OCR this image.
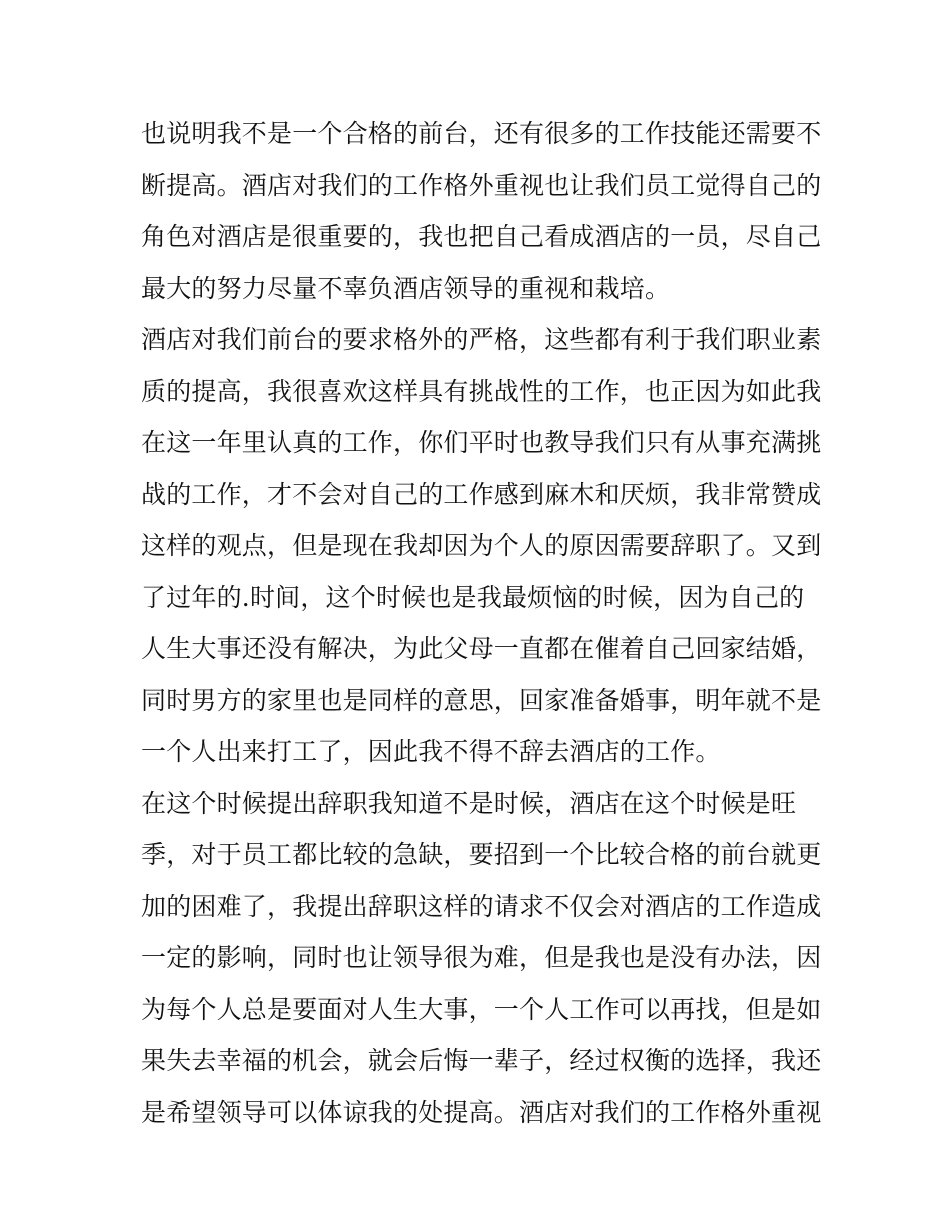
也说明我不是一个合格的前台，还有很多的工作技能还需要不
断提高。酒店对我们的工作格外重视也让我们员工觉得自己的
角色对酒店是很重要的，我也把自己看成酒店的一员，尽自己
最大的努力尽量不辜负酒店领导的重视和栽培。
酒店对我们前台的要求格外的严格，这些都有利于我们职业素
质的提高，我很喜欢这样具有挑战性的工作，也正因为如此我
在这一年里认真的工作，你们平时也教导我们只有从事充满挑
战的工作，才不会对自己的工作感到麻木和厌烦，我非常赞成
这样的观点，但是现在我却因为个人的原因需要辞职了。又到
了过年的.时间，这个时候也是我最烦恼的时候，因为自己的
人生大事还没有解决，为此父母一直都在催着自己回家结婚，
同时男方的家里也是同样的意思，回家准备婚事，明年就不是
一个人出来打工了，因此我不得不辞去酒店的工作。
在这个时候提出辞职我知道不是时候，酒店在这个时候是旺
季，对于员工都比较的急缺，要招到一个比较合格的前台就更
加的困难了，我提出辞职这样的请求不仅会对酒店的工作造成
一定的影响，同时也让领导很为难，但是我也是没有办法，因
为每个人总是要面对人生大事，一个人工作可以再找，但是如
果失去幸福的机会，就会后悔一辈子，经过权衡的选择，我还
是希望领导可以体谅我的处提高。酒店对我们的工作格外重视
